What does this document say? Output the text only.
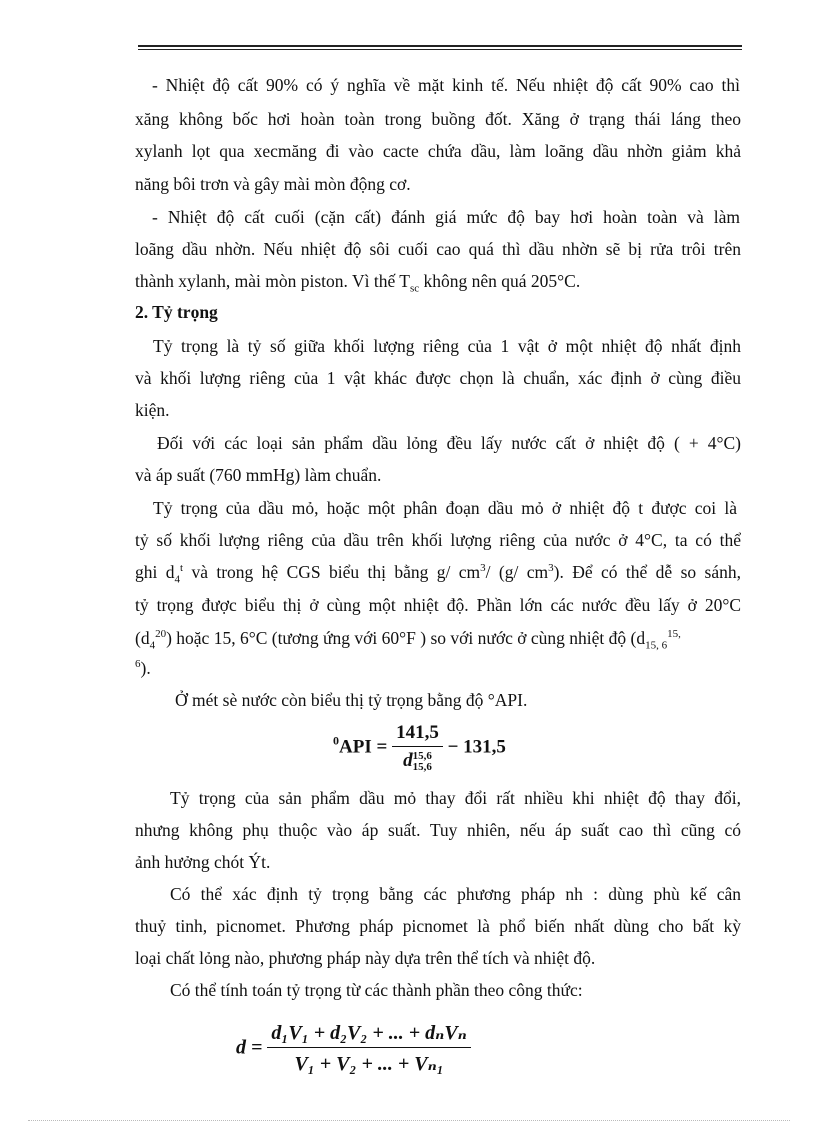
- Nhiệt độ cất 90% có ý nghĩa về mặt kinh tế. Nếu nhiệt độ cất 90% cao thì
xăng không bốc hơi hoàn toàn trong buồng đốt. Xăng ở trạng thái láng theo
xylanh lọt qua xecmăng đi vào cacte chứa dầu, làm loãng dầu nhờn giảm khả
năng bôi trơn và gây mài mòn động cơ.
- Nhiệt độ cất cuối (cặn cất) đánh giá mức độ bay hơi hoàn toàn và làm
loãng dầu nhờn. Nếu nhiệt độ sôi cuối cao quá thì dầu nhờn sẽ bị rửa trôi trên
thành xylanh, mài mòn piston. Vì thế $T_{sc}$ không nên quá 205°C.
2. Tỷ trọng
Tỷ trọng là tỷ số giữa khối lượng riêng của 1 vật ở một nhiệt độ nhất định
và khối lượng riêng của 1 vật khác được chọn là chuẩn, xác định ở cùng điều
kiện.
Đối với các loại sản phẩm dầu lỏng đều lấy nước cất ở nhiệt độ ( + 4°C)
và áp suất (760 mmHg) làm chuẩn.
Tỷ trọng của dầu mỏ, hoặc một phân đoạn dầu mỏ ở nhiệt độ t được coi là
tỷ số khối lượng riêng của dầu trên khối lượng riêng của nước ở 4°C, ta có thể
ghi $d_4^t$ và trong hệ CGS biểu thị bằng g/ $cm^3/$ (g/ $cm^3$). Để có thể dễ so sánh,
tỷ trọng được biểu thị ở cùng một nhiệt độ. Phần lớn các nước đều lấy ở 20°C
$(d_4^{20})$ hoặc 15, 6°C (tương ứng với 60°F ) so với nước ở cùng nhiệt độ ($d_{15, 6}^{15,}$
$^6$).
Ở mét sè nước còn biểu thị tỷ trọng bằng độ °API.
$^0$API = 141,5
d 15,6
15,6 − 131,5
Tỷ trọng của sản phẩm dầu mỏ thay đổi rất nhiều khi nhiệt độ thay đổi,
nhưng không phụ thuộc vào áp suất. Tuy nhiên, nếu áp suất cao thì cũng có
ảnh hưởng chót Ýt.
Có thể xác định tỷ trọng bằng các phương pháp nh : dùng phù kế cân
thuỷ tinh, picnomet. Phương pháp picnomet là phổ biến nhất dùng cho bất kỳ
loại chất lỏng nào, phương pháp này dựa trên thể tích và nhiệt độ.
Có thể tính toán tỷ trọng từ các thành phần theo công thức:
$d = \frac{\text{d₁V₁ + d₂V₂ + ... + dₙVₙ}}{\text{V₁ + V₂ + ... + Vₙ₁}}$
